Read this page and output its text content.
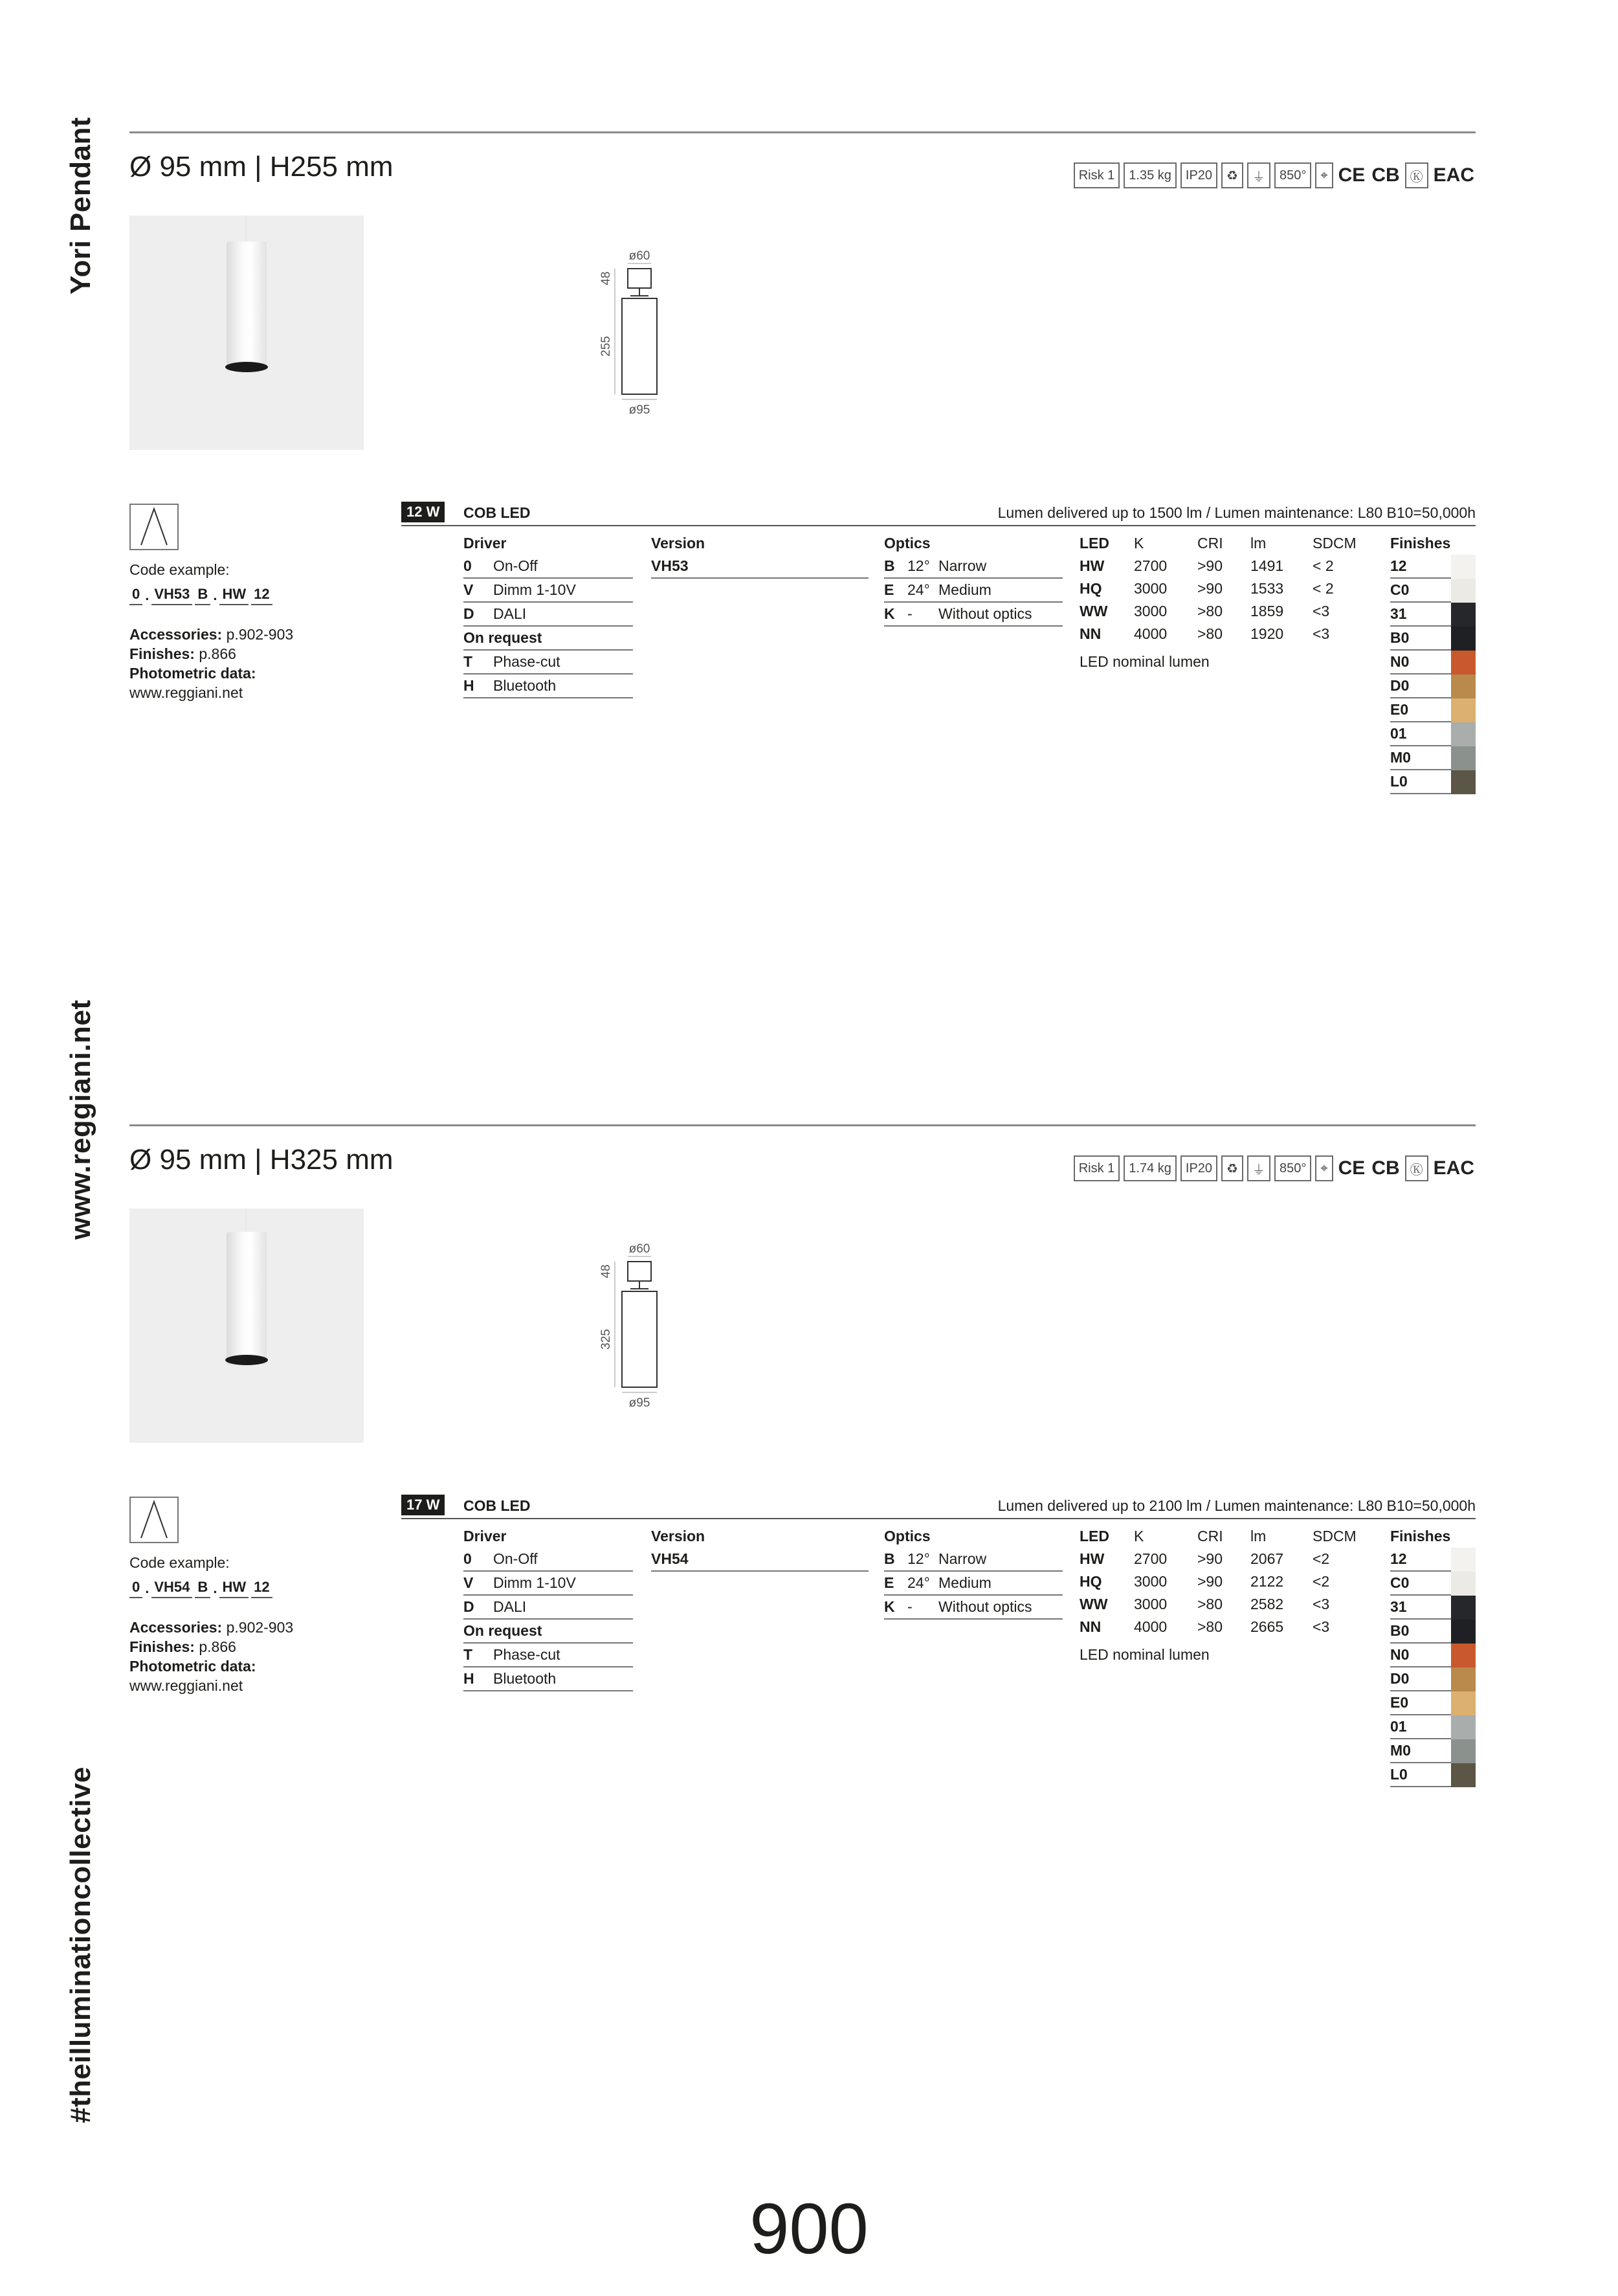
Yori Pendant
www.reggiani.net
#theilluminationcollective
Ø 95 mm | H255 mm	Risk 1	1.35 kg	IP20	♻	⏚	850°	⌖ CE CB Ⓚ EAC
ø60
48
255
ø95
Code example:
0 . VH53 B . HW 12
Accessories: p.902-903
Finishes: p.866
Photometric data:
www.reggiani.net
12 W	COB LED	Lumen delivered up to 1500 lm / Lumen maintenance: L80 B10=50,000h
Driver
0 On-Off
V Dimm 1-10V
D DALI
On request
T Phase-cut
H Bluetooth
Version
VH53
Optics
B 12° Narrow
E 24° Medium
K - Without optics
LED	K	CRI	lm	SDCM
HW	2700	>90	1491	< 2
HQ	3000	>90	1533	< 2
WW	3000	>80	1859	<3
NN	4000	>80	1920	<3
LED nominal lumen
Finishes
12
C0
31
B0
N0
D0
E0
01
M0
L0
Ø 95 mm | H325 mm	Risk 1	1.74 kg	IP20	♻	⏚	850°	⌖ CE CB Ⓚ EAC
ø60
48
325
ø95
Code example:
0 . VH54 B . HW 12
Accessories: p.902-903
Finishes: p.866
Photometric data:
www.reggiani.net
17 W	COB LED	Lumen delivered up to 2100 lm / Lumen maintenance: L80 B10=50,000h
Driver
0 On-Off
V Dimm 1-10V
D DALI
On request
T Phase-cut
H Bluetooth
Version
VH54
Optics
B 12° Narrow
E 24° Medium
K - Without optics
LED	K	CRI	lm	SDCM
HW	2700	>90	2067	<2
HQ	3000	>90	2122	<2
WW	3000	>80	2582	<3
NN	4000	>80	2665	<3
LED nominal lumen
Finishes
12
C0
31
B0
N0
D0
E0
01
M0
L0
900
